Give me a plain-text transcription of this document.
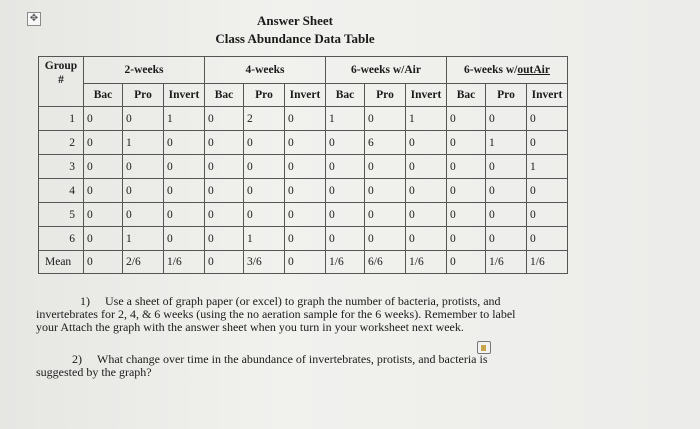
✥	Answer Sheet
Class Abundance Data Table
Group
#	2-weeks			4-weeks			6-weeks w/Air			6-weeks w/outAir		
	Bac	Pro	Invert	Bac	Pro	Invert	Bac	Pro	Invert	Bac	Pro	Invert
1	0	0	1	0	2	0	1	0	1	0	0	0
2	0	1	0	0	0	0	0	6	0	0	1	0
3	0	0	0	0	0	0	0	0	0	0	0	1
4	0	0	0	0	0	0	0	0	0	0	0	0
5	0	0	0	0	0	0	0	0	0	0	0	0
6	0	1	0	0	1	0	0	0	0	0	0	0
Mean	0	2/6	1/6	0	3/6	0	1/6	6/6	1/6	0	1/6	1/6
1) Use a sheet of graph paper (or excel) to graph the number of bacteria, protists, and invertebrates for 2, 4, & 6 weeks (using the no aeration sample for the 6 weeks). Remember to label your Attach the graph with the answer sheet when you turn in your worksheet next week.
2) What change over time in the abundance of invertebrates, protists, and bacteria is suggested by the graph?
